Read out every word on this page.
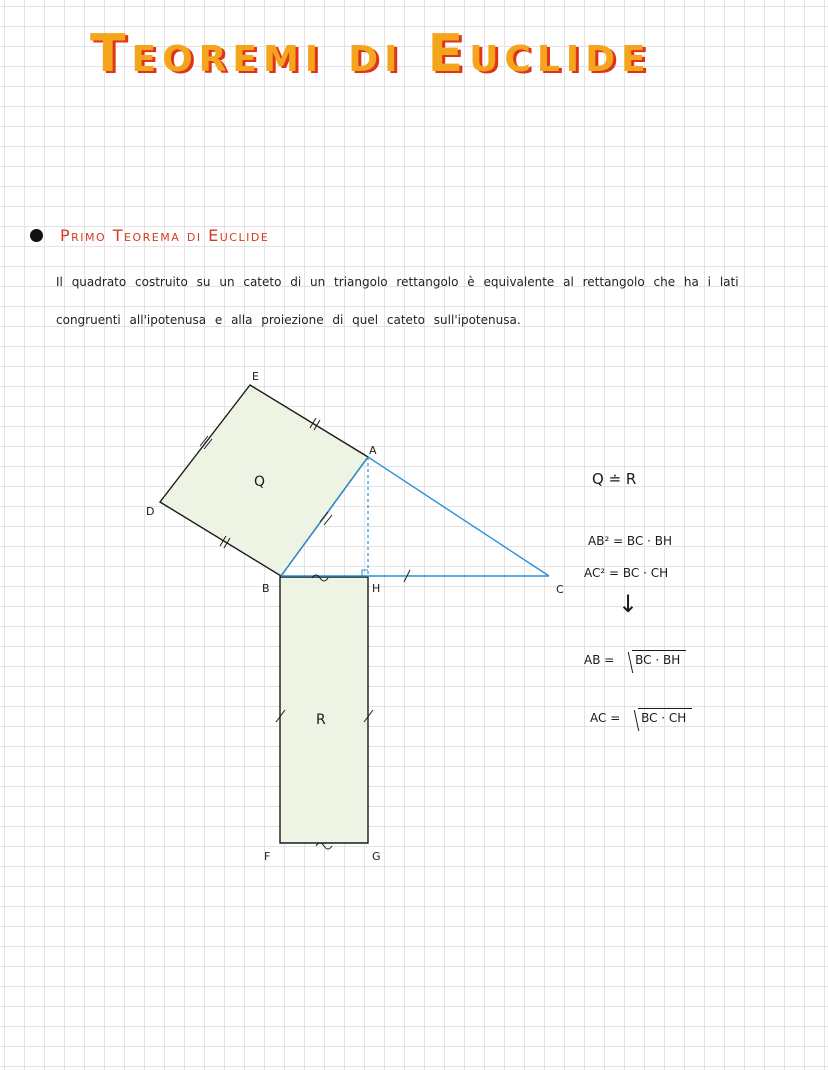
Teoremi di Euclide
Primo Teorema di Euclide

Il quadrato costruito su un cateto di un triangolo rettangolo è equivalente al rettangolo che ha i lati congruenti all'ipotenusa e alla proiezione di quel cateto sull'ipotenusa.

E
A
D
B	H	C
F	G
Q
R
Q ≐ R
AB² = BC · BH
AC² = BC · CH
↓
AB = BC · BH
AC = BC · CH
